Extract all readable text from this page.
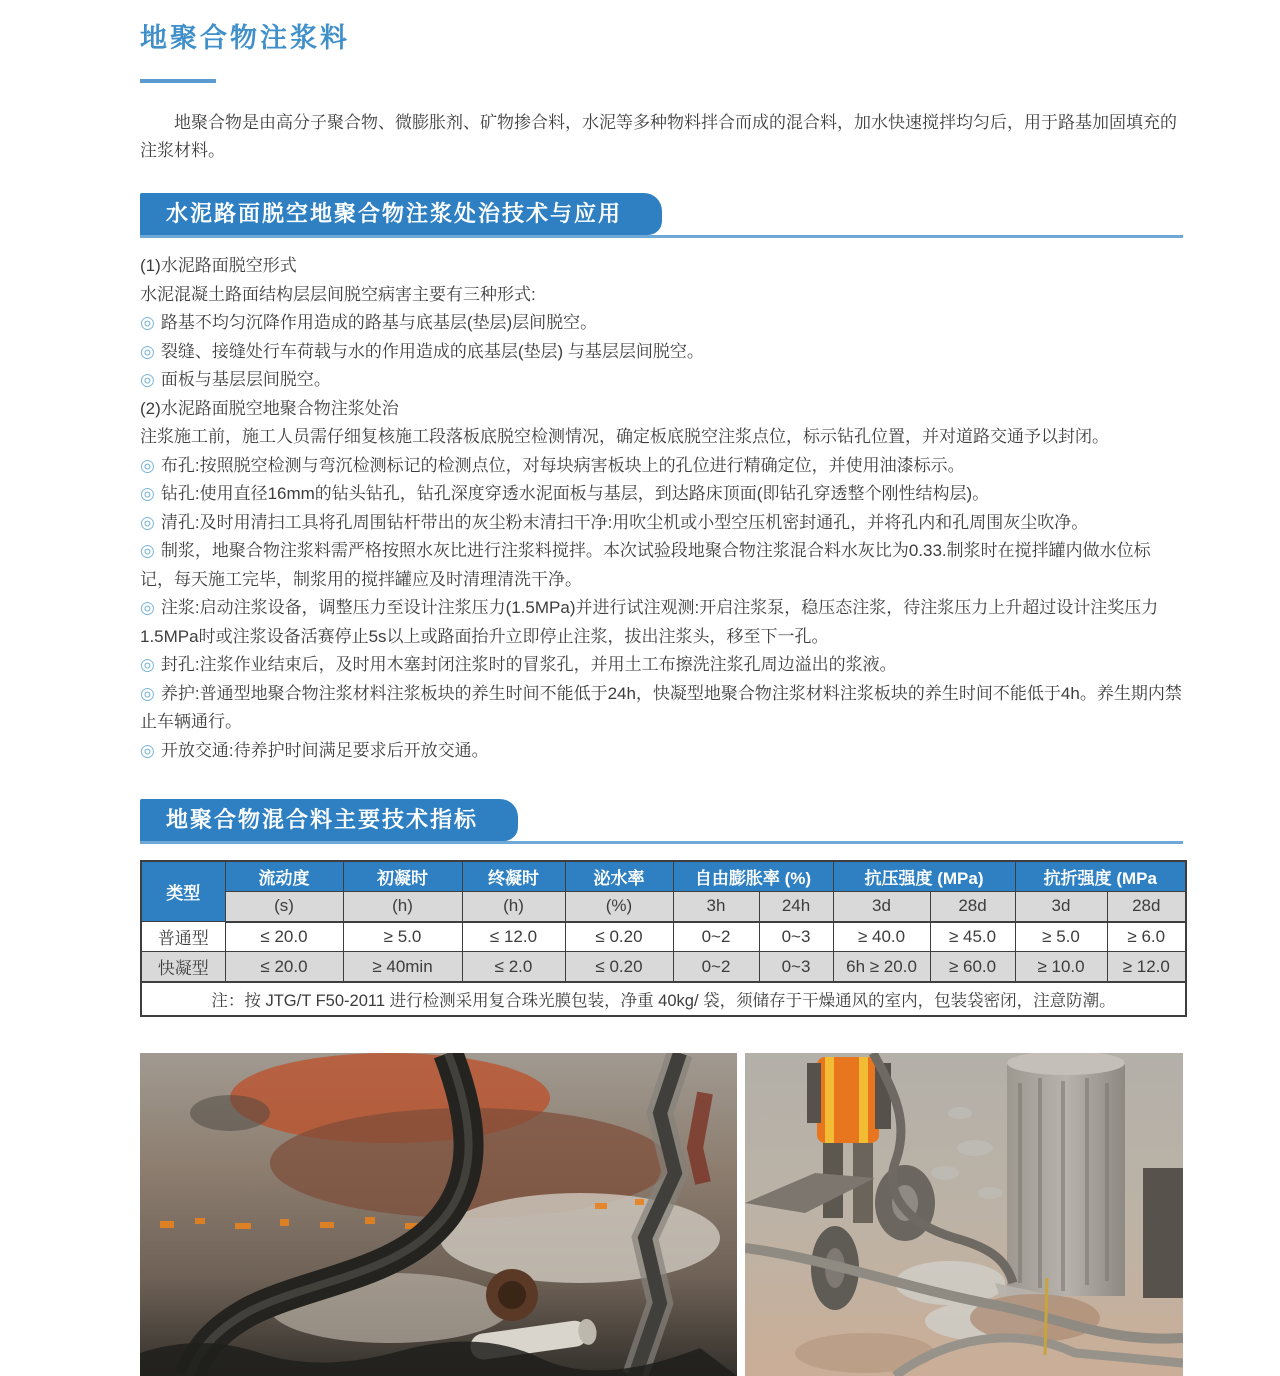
地聚合物注浆料
地聚合物是由高分子聚合物、微膨胀剂、矿物掺合料，水泥等多种物料拌合而成的混合料，加水快速搅拌均匀后，用于路基加固填充的注浆材料。
水泥路面脱空地聚合物注浆处治技术与应用
(1)水泥路面脱空形式
水泥混凝土路面结构层层间脱空病害主要有三种形式:
◎ 路基不均匀沉降作用造成的路基与底基层(垫层)层间脱空。
◎ 裂缝、接缝处行车荷载与水的作用造成的底基层(垫层) 与基层层间脱空。
◎ 面板与基层层间脱空。
(2)水泥路面脱空地聚合物注浆处治
注浆施工前，施工人员需仔细复核施工段落板底脱空检测情况，确定板底脱空注浆点位，标示钻孔位置，并对道路交通予以封闭。
◎ 布孔:按照脱空检测与弯沉检测标记的检测点位，对每块病害板块上的孔位进行精确定位，并使用油漆标示。
◎ 钻孔:使用直径16mm的钻头钻孔，钻孔深度穿透水泥面板与基层，到达路床顶面(即钻孔穿透整个刚性结构层)。
◎ 清孔:及时用清扫工具将孔周围钻杆带出的灰尘粉末清扫干净:用吹尘机或小型空压机密封通孔，并将孔内和孔周围灰尘吹净。
◎ 制浆，地聚合物注浆料需严格按照水灰比进行注浆料搅拌。本次试验段地聚合物注浆混合料水灰比为0.33.制浆时在搅拌罐内做水位标记，每天施工完毕，制浆用的搅拌罐应及时清理清洗干净。
◎ 注浆:启动注浆设备，调整压力至设计注浆压力(1.5MPa)并进行试注观测:开启注浆泵，稳压态注浆，待注浆压力上升超过设计注奖压力1.5MPa时或注浆设备活赛停止5s以上或路面抬升立即停止注浆，拔出注浆头，移至下一孔。
◎ 封孔:注浆作业结束后，及时用木塞封闭注浆时的冒浆孔，并用土工布擦洗注浆孔周边溢出的浆液。
◎ 养护:普通型地聚合物注浆材料注浆板块的养生时间不能低于24h，快凝型地聚合物注浆材料注浆板块的养生时间不能低于4h。养生期内禁止车辆通行。
◎ 开放交通:待养护时间满足要求后开放交通。
地聚合物混合料主要技术指标
类型	流动度	初凝时	终凝时	泌水率	自由膨胀率 (%)		抗压强度 (MPa)		抗折强度 (MPa	
	(s)	(h)	(h)	(%)	3h	24h	3d	28d	3d	28d
普通型	≤ 20.0	≥ 5.0	≤ 12.0	≤ 0.20	0~2	0~3	≥ 40.0	≥ 45.0	≥ 5.0	≥ 6.0
快凝型	≤ 20.0	≥ 40min	≤ 2.0	≤ 0.20	0~2	0~3	6h ≥ 20.0	≥ 60.0	≥ 10.0	≥ 12.0
注：按 JTG/T F50-2011 进行检测采用复合珠光膜包装，净重 40kg/ 袋，须储存于干燥通风的室内，包装袋密闭，注意防潮。										
